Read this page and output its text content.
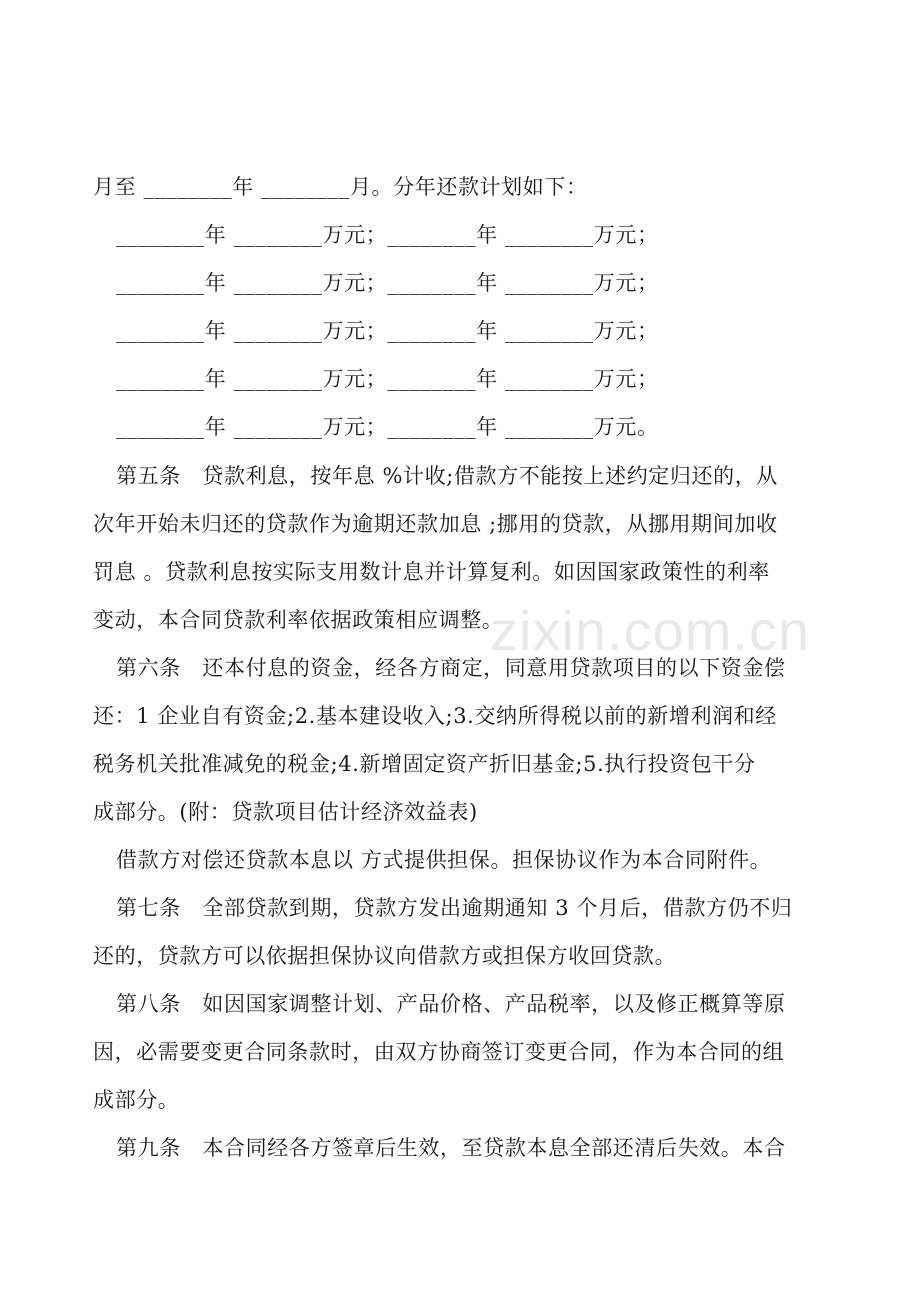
月至 ________年 ________月。分年还款计划如下：
________年 ________万元；________年 ________万元；
________年 ________万元；________年 ________万元；
________年 ________万元；________年 ________万元；
________年 ________万元；________年 ________万元；
________年 ________万元；________年 ________万元。
第五条　贷款利息，按年息 %计收;借款方不能按上述约定归还的，从
次年开始未归还的贷款作为逾期还款加息 ;挪用的贷款，从挪用期间加收
罚息 。贷款利息按实际支用数计息并计算复利。如因国家政策性的利率
变动，本合同贷款利率依据政策相应调整。
第六条　还本付息的资金，经各方商定，同意用贷款项目的以下资金偿
还：1 企业自有资金;2.基本建设收入;3.交纳所得税以前的新增利润和经
税务机关批准减免的税金;4.新增固定资产折旧基金;5.执行投资包干分
成部分。(附：贷款项目估计经济效益表)
借款方对偿还贷款本息以 方式提供担保。担保协议作为本合同附件。
第七条　全部贷款到期，贷款方发出逾期通知 3 个月后，借款方仍不归
还的，贷款方可以依据担保协议向借款方或担保方收回贷款。
第八条　如因国家调整计划、产品价格、产品税率，以及修正概算等原
因，必需要变更合同条款时，由双方协商签订变更合同，作为本合同的组
成部分。
第九条　本合同经各方签章后生效，至贷款本息全部还清后失效。本合
zixin.com.cn
